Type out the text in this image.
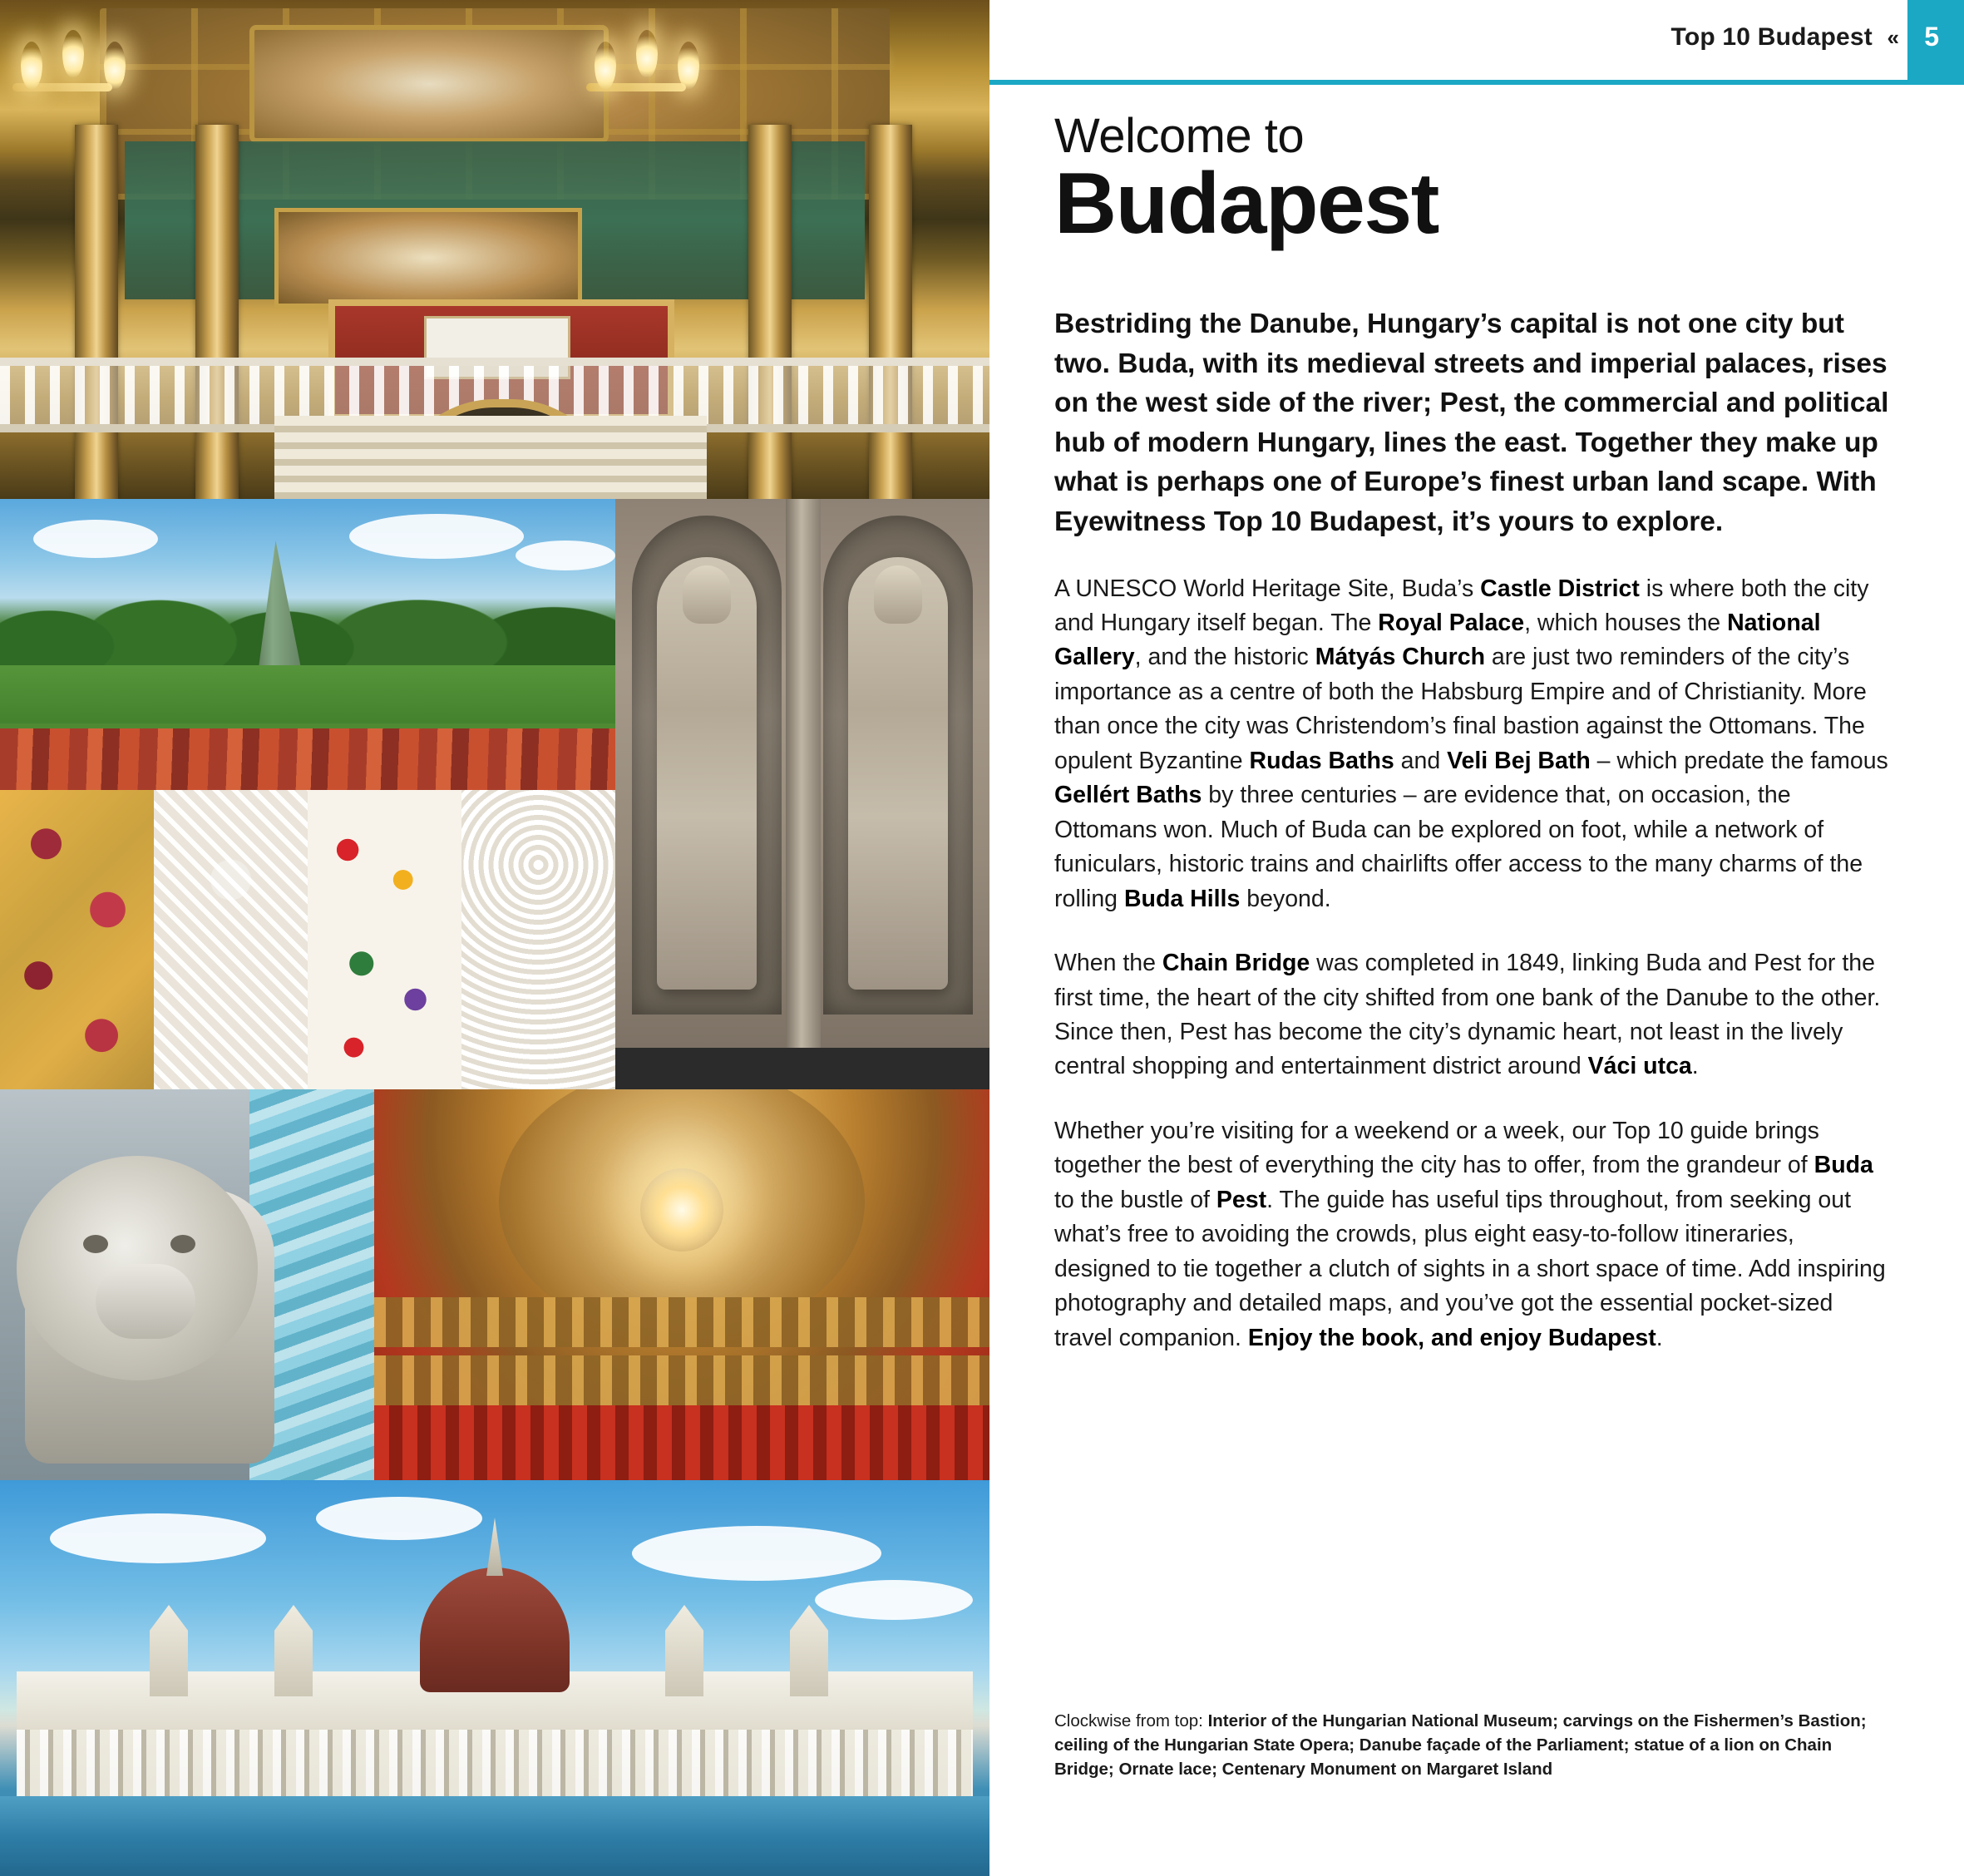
Top 10 Budapest « 5
Welcome to
Budapest
Bestriding the Danube, Hungary’s capital is not one city but two. Buda, with its medieval streets and imperial palaces, rises on the west side of the river; Pest, the commercial and political hub of modern Hungary, lines the east. Together they make up what is perhaps one of Europe’s finest urban land scape. With Eyewitness Top 10 Budapest, it’s yours to explore.
A UNESCO World Heritage Site, Buda’s Castle District is where both the city and Hungary itself began. The Royal Palace, which houses the National Gallery, and the historic Mátyás Church are just two reminders of the city’s importance as a centre of both the Habsburg Empire and of Christianity. More than once the city was Christendom’s final bastion against the Ottomans. The opulent Byzantine Rudas Baths and Veli Bej Bath – which predate the famous Gellért Baths by three centuries – are evidence that, on occasion, the Ottomans won. Much of Buda can be explored on foot, while a network of funiculars, historic trains and chairlifts offer access to the many charms of the rolling Buda Hills beyond.
When the Chain Bridge was completed in 1849, linking Buda and Pest for the first time, the heart of the city shifted from one bank of the Danube to the other. Since then, Pest has become the city’s dynamic heart, not least in the lively central shopping and entertainment district around Váci utca.
Whether you’re visiting for a weekend or a week, our Top 10 guide brings together the best of everything the city has to offer, from the grandeur of Buda to the bustle of Pest. The guide has useful tips throughout, from seeking out what’s free to avoiding the crowds, plus eight easy-to-follow itineraries, designed to tie together a clutch of sights in a short space of time. Add inspiring photography and detailed maps, and you’ve got the essential pocket-sized travel companion. Enjoy the book, and enjoy Budapest.
Clockwise from top: Interior of the Hungarian National Museum; carvings on the Fishermen’s Bastion; ceiling of the Hungarian State Opera; Danube façade of the Parliament; statue of a lion on Chain Bridge; Ornate lace; Centenary Monument on Margaret Island
